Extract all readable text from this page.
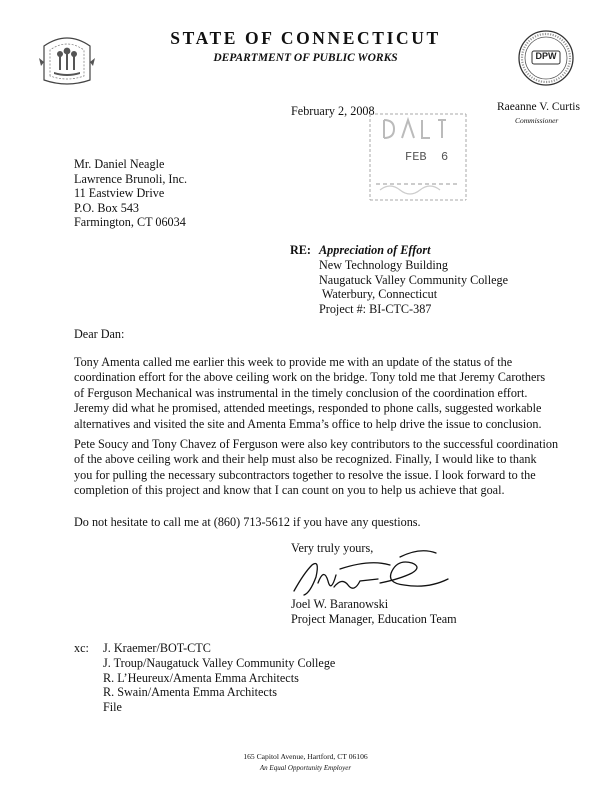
DPW
STATE OF CONNECTICUT
DEPARTMENT OF PUBLIC WORKS
February 2, 2008	Raeanne V. Curtis
Commissioner
FEB  6
Mr. Daniel Neagle
Lawrence Brunoli, Inc.
11 Eastview Drive
P.O. Box 543
Farmington, CT 06034
RE: Appreciation of Effort
New Technology Building
Naugatuck Valley Community College
Waterbury, Connecticut
Project #: BI-CTC-387
Dear Dan:
Tony Amenta called me earlier this week to provide me with an update of the status of the
coordination effort for the above ceiling work on the bridge. Tony told me that Jeremy Carothers
of Ferguson Mechanical was instrumental in the timely conclusion of the coordination effort.
Jeremy did what he promised, attended meetings, responded to phone calls, suggested workable
alternatives and visited the site and Amenta Emma’s office to help drive the issue to conclusion.
Pete Soucy and Tony Chavez of Ferguson were also key contributors to the successful coordination
of the above ceiling work and their help must also be recognized. Finally, I would like to thank
you for pulling the necessary subcontractors together to resolve the issue. I look forward to the
completion of this project and know that I can count on you to help us achieve that goal.
Do not hesitate to call me at (860) 713-5612 if you have any questions.
Very truly yours,
Joel W. Baranowski
Project Manager, Education Team
xc: J. Kraemer/BOT-CTC
J. Troup/Naugatuck Valley Community College
R. L’Heureux/Amenta Emma Architects
R. Swain/Amenta Emma Architects
File
165 Capitol Avenue, Hartford, CT 06106
An Equal Opportunity Employer
